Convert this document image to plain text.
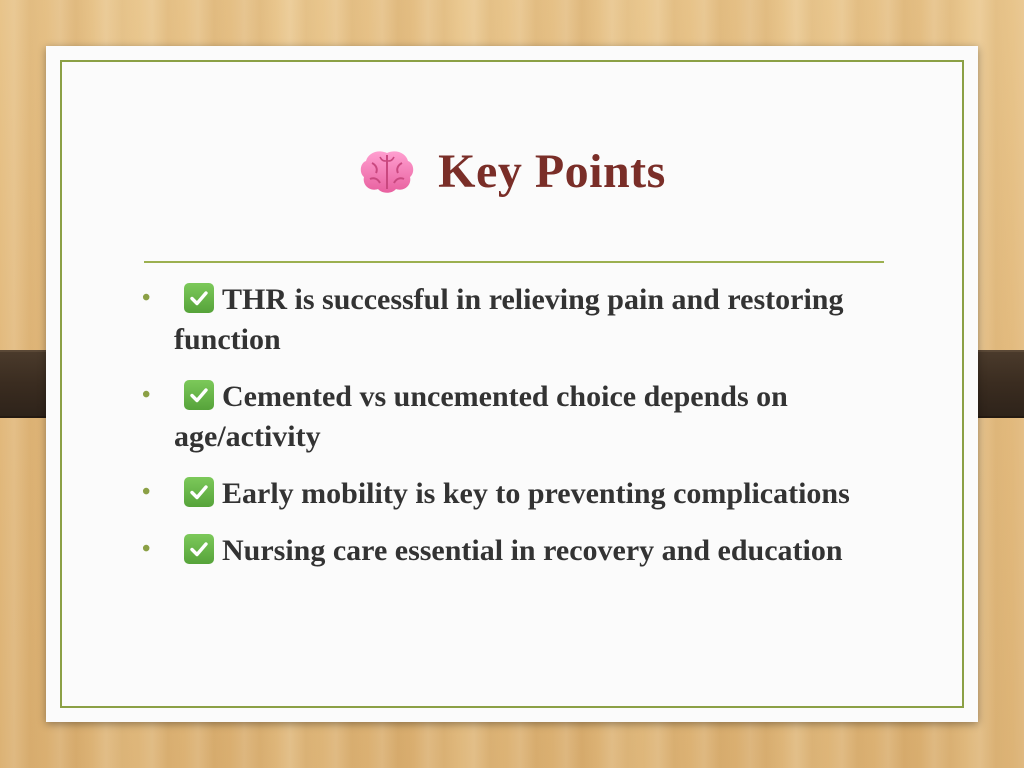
Key Points
• THR is successful in relieving pain and restoring function
• Cemented vs uncemented choice depends on age/activity
• Early mobility is key to preventing complications
• Nursing care essential in recovery and education
